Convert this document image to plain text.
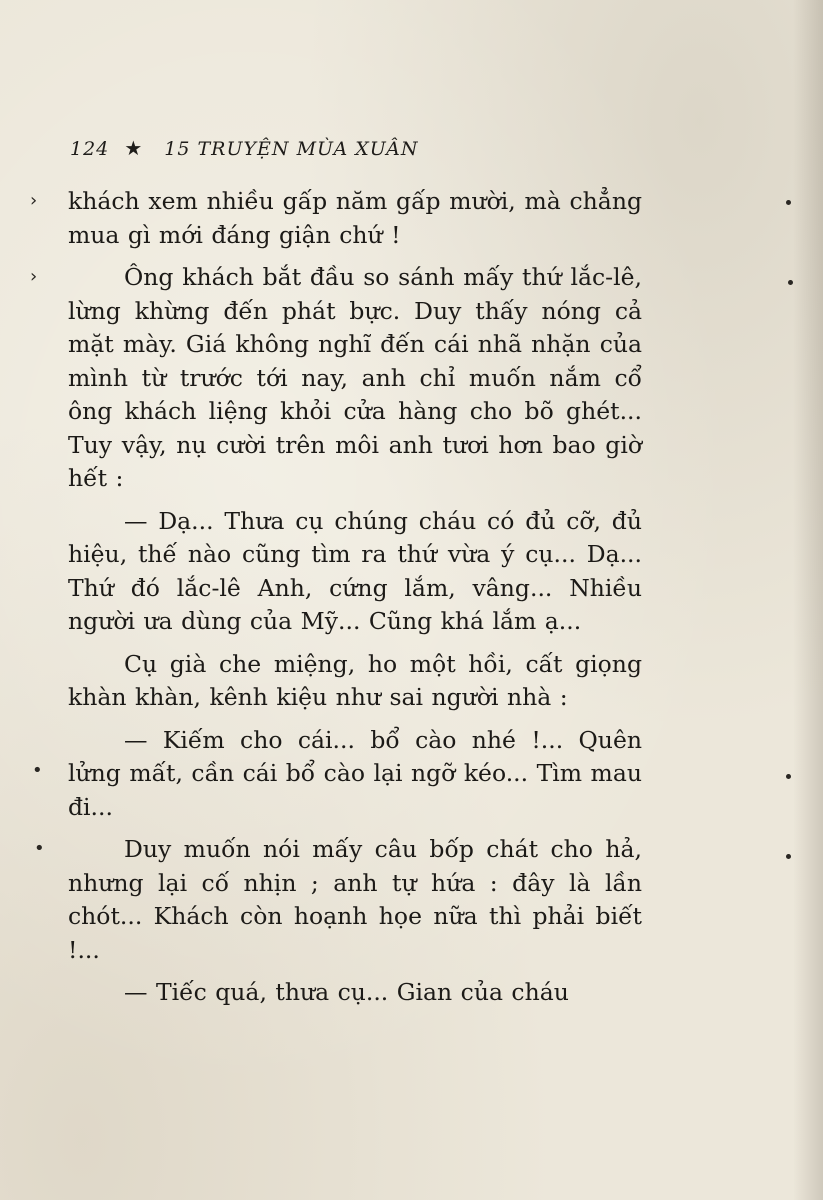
124 ★ 15 TRUYỆN MÙA XUÂN

khách xem nhiều gấp năm gấp mười, mà chẳng mua gì mới đáng giận chứ !

Ông khách bắt đầu so sánh mấy thứ lắc-lê, lừng khừng đến phát bực. Duy thấy nóng cả mặt mày. Giá không nghĩ đến cái nhã nhặn của mình từ trước tới nay, anh chỉ muốn nắm cổ ông khách liệng khỏi cửa hàng cho bõ ghét... Tuy vậy, nụ cười trên môi anh tươi hơn bao giờ hết :

— Dạ... Thưa cụ chúng cháu có đủ cỡ, đủ hiệu, thế nào cũng tìm ra thứ vừa ý cụ... Dạ... Thứ đó lắc-lê Anh, cứng lắm, vâng... Nhiều người ưa dùng của Mỹ... Cũng khá lắm ạ...

Cụ già che miệng, ho một hồi, cất giọng khàn khàn, kênh kiệu như sai người nhà :

— Kiếm cho cái... bổ cào nhé !... Quên lửng mất, cần cái bổ cào lại ngỡ kéo... Tìm mau đi...

Duy muốn nói mấy câu bốp chát cho hả, nhưng lại cố nhịn ; anh tự hứa : đây là lần chót... Khách còn hoạnh họe nữa thì phải biết !...

— Tiếc quá, thưa cụ... Gian của cháu

›
›
•
•
